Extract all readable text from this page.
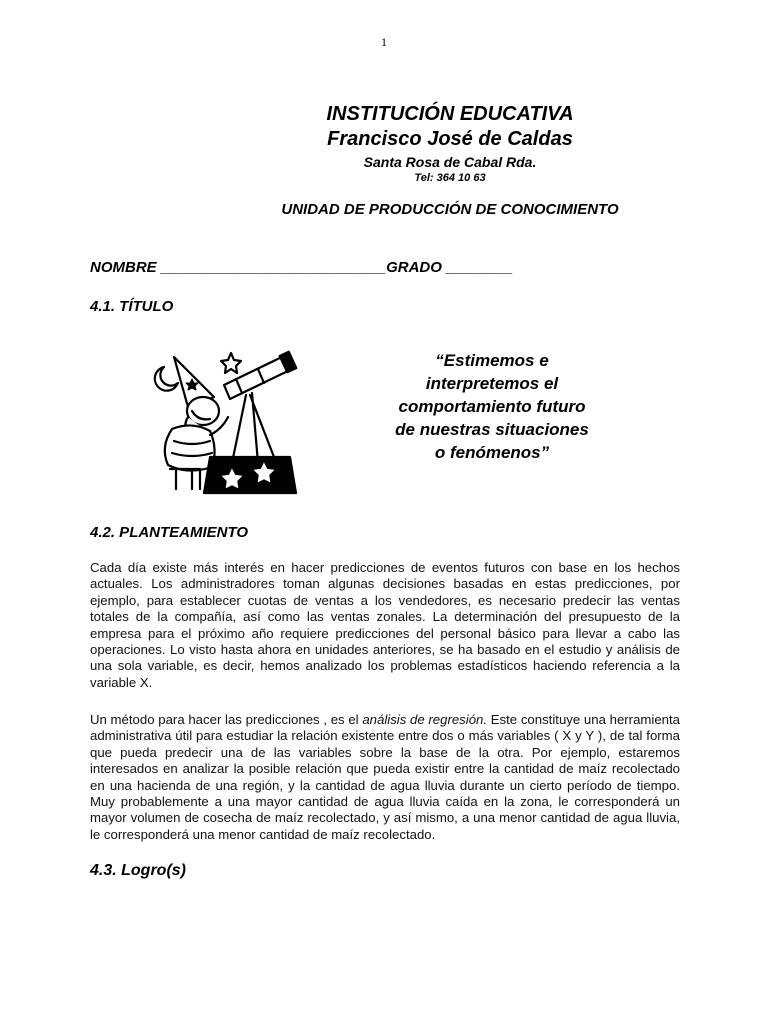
1
INSTITUCIÓN EDUCATIVA
Francisco José de Caldas
Santa Rosa de Cabal Rda.
Tel: 364 10 63
UNIDAD DE PRODUCCIÓN DE CONOCIMIENTO
NOMBRE ___________________________GRADO ________
4.1. TÍTULO
“Estimemos e interpretemos el comportamiento futuro de nuestras situaciones o fenómenos”
4.2. PLANTEAMIENTO
Cada día existe más interés en hacer predicciones de eventos futuros con base en los hechos actuales. Los administradores toman algunas decisiones basadas en estas predicciones, por ejemplo, para establecer cuotas de ventas a los vendedores, es necesario predecir las ventas totales de la compañía, así como las ventas zonales. La determinación del presupuesto de la empresa para el próximo año requiere predicciones del personal básico para llevar a cabo las operaciones. Lo visto hasta ahora en unidades anteriores, se ha basado en el estudio y análisis de una sola variable, es decir, hemos analizado los problemas estadísticos haciendo referencia a la variable X.
Un método para hacer las predicciones , es el análisis de regresión. Este constituye una herramienta administrativa útil para estudiar la relación existente entre dos o más variables ( X y Y ), de tal forma que pueda predecir una de las variables sobre la base de la otra. Por ejemplo, estaremos interesados en analizar la posible relación que pueda existir entre la cantidad de maíz recolectado en una hacienda de una región, y la cantidad de agua lluvia durante un cierto período de tiempo. Muy probablemente a una mayor cantidad de agua lluvia caída en la zona, le corresponderá un mayor volumen de cosecha de maíz recolectado, y así mismo, a una menor cantidad de agua lluvia, le corresponderá una menor cantidad de maíz recolectado.
4.3. Logro(s)
